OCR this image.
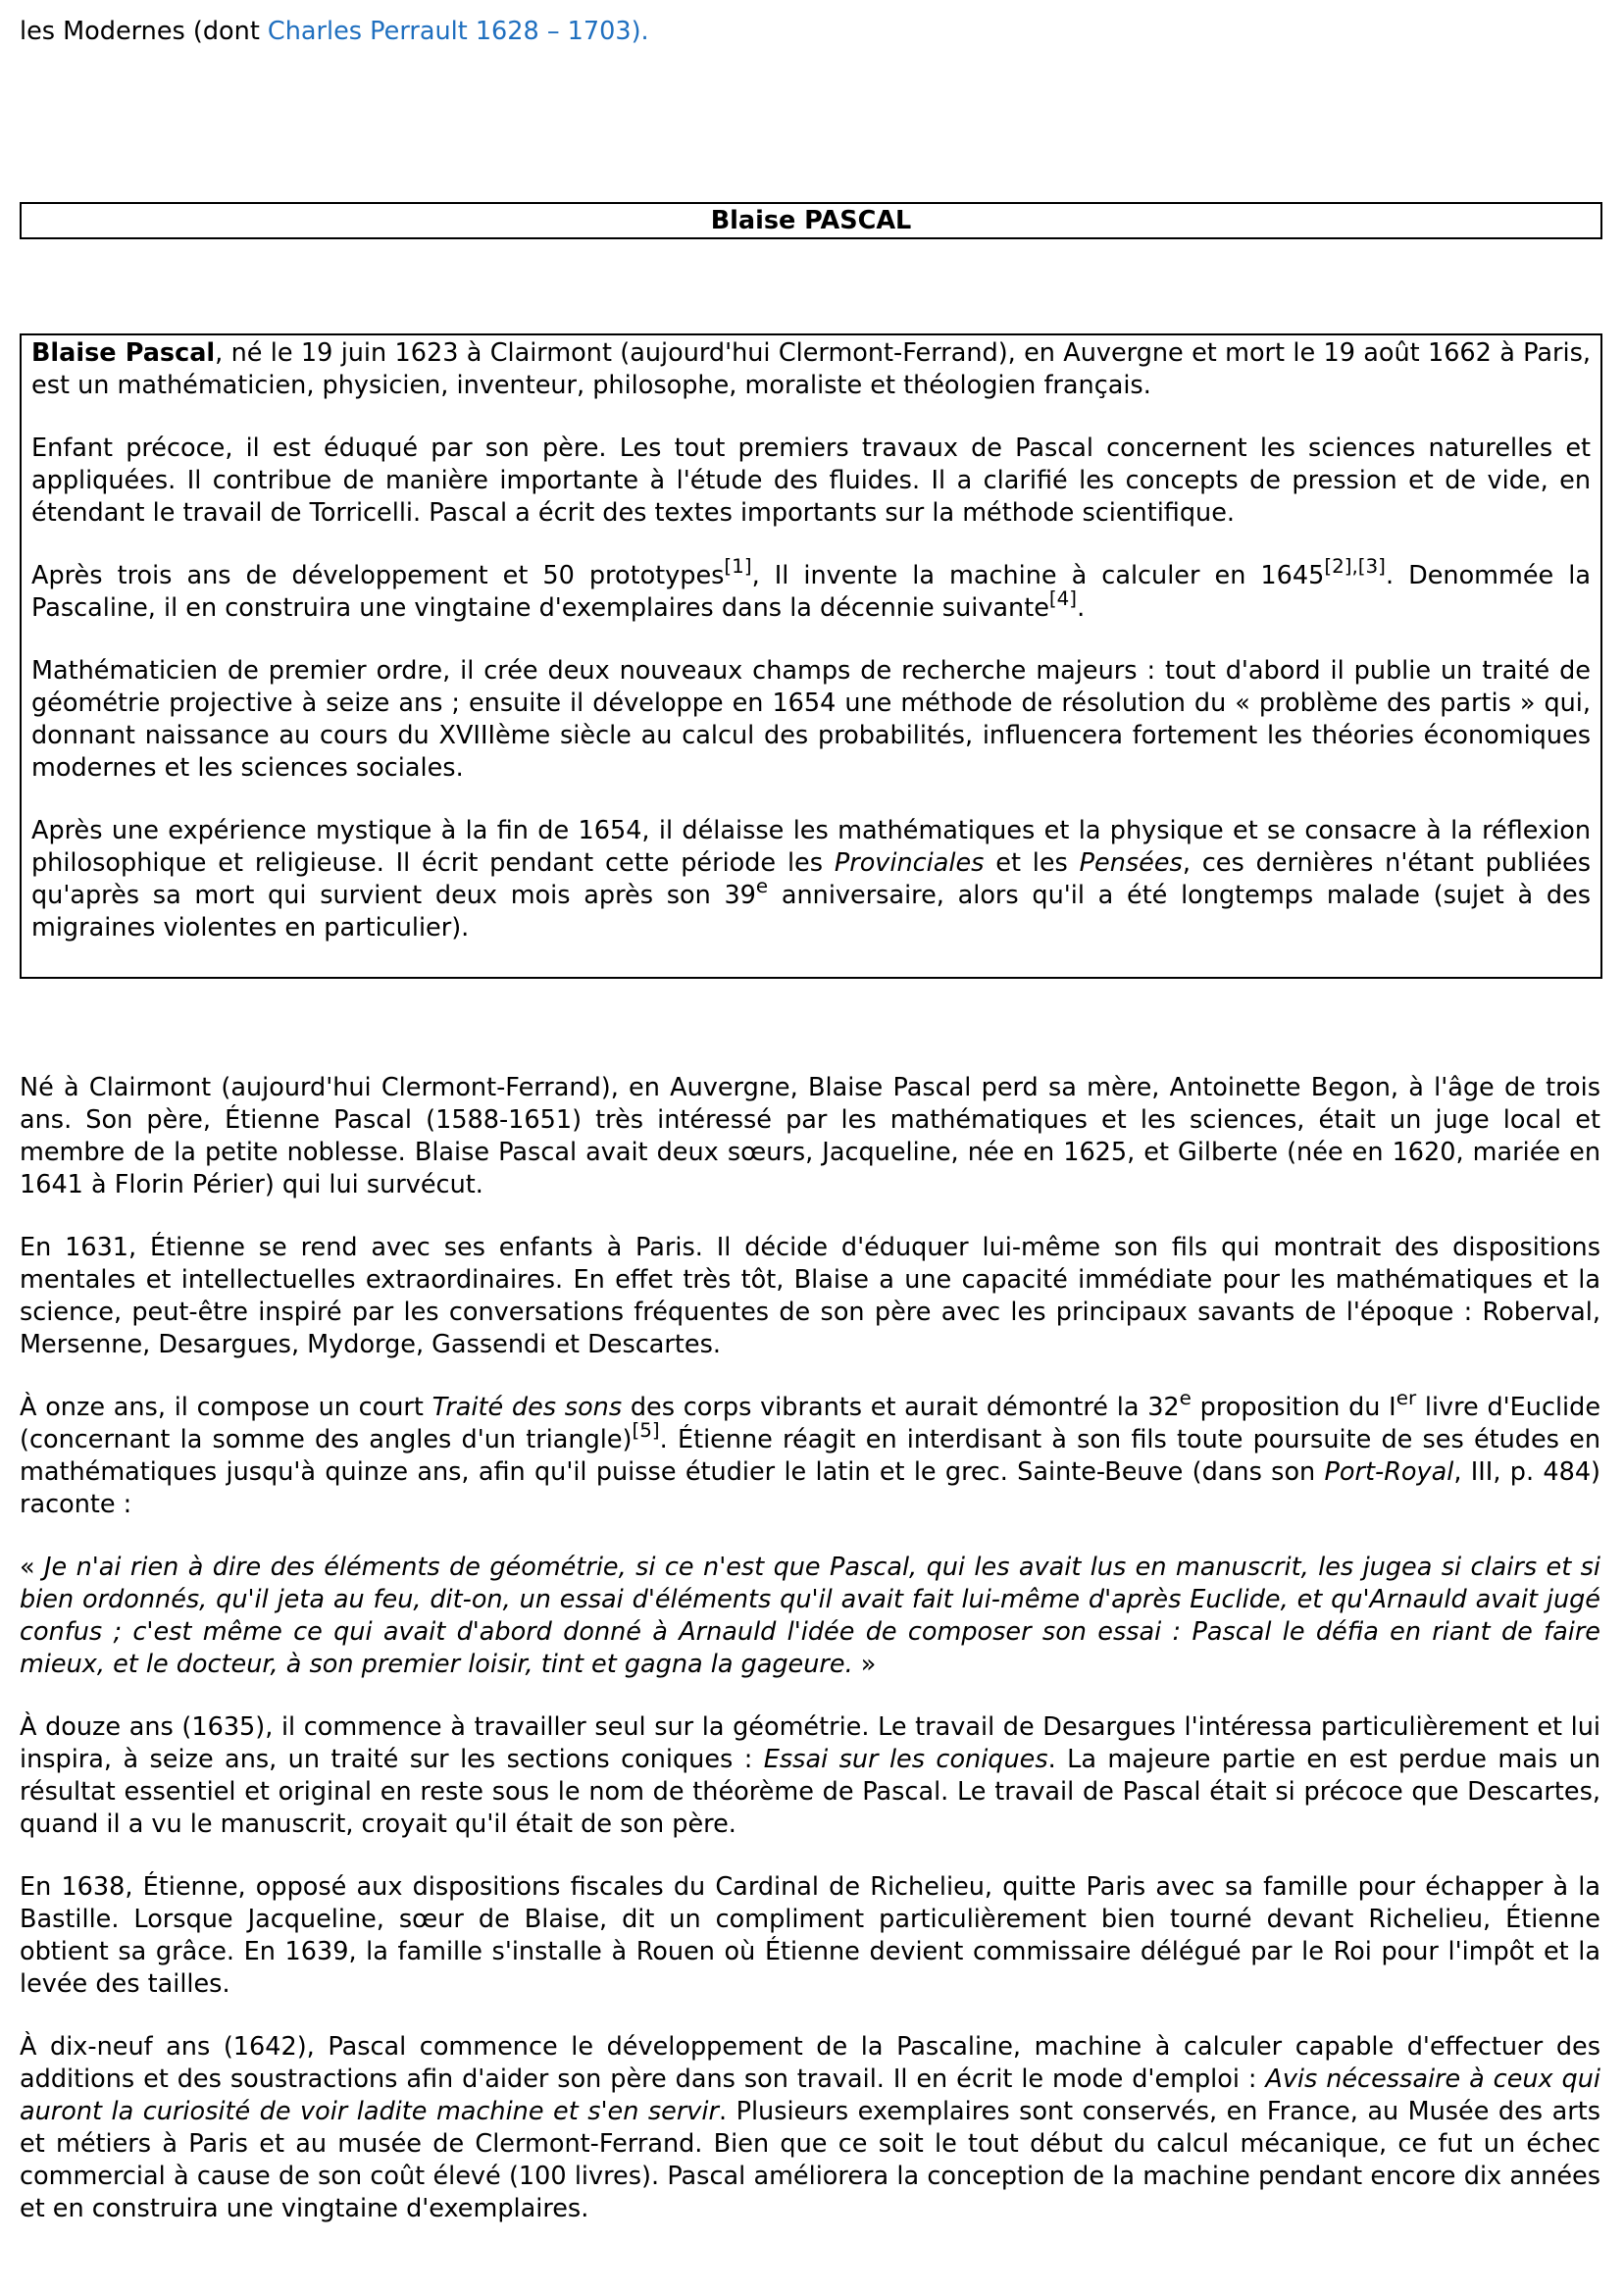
les Modernes (dont Charles Perrault 1628 – 1703).

Blaise PASCAL

Blaise Pascal, né le 19 juin 1623 à Clairmont (aujourd'hui Clermont-Ferrand), en Auvergne et mort le 19 août 1662 à Paris, est un mathématicien, physicien, inventeur, philosophe, moraliste et théologien français.

Enfant précoce, il est éduqué par son père. Les tout premiers travaux de Pascal concernent les sciences naturelles et appliquées. Il contribue de manière importante à l'étude des fluides. Il a clarifié les concepts de pression et de vide, en étendant le travail de Torricelli. Pascal a écrit des textes importants sur la méthode scientifique.

Après trois ans de développement et 50 prototypes[1], Il invente la machine à calculer en 1645[2],[3]. Denommée la Pascaline, il en construira une vingtaine d'exemplaires dans la décennie suivante[4].

Mathématicien de premier ordre, il crée deux nouveaux champs de recherche majeurs : tout d'abord il publie un traité de géométrie projective à seize ans ; ensuite il développe en 1654 une méthode de résolution du « problème des partis » qui, donnant naissance au cours du XVIIIème siècle au calcul des probabilités, influencera fortement les théories économiques modernes et les sciences sociales.

Après une expérience mystique à la fin de 1654, il délaisse les mathématiques et la physique et se consacre à la réflexion philosophique et religieuse. Il écrit pendant cette période les Provinciales et les Pensées, ces dernières n'étant publiées qu'après sa mort qui survient deux mois après son 39e anniversaire, alors qu'il a été longtemps malade (sujet à des migraines violentes en particulier).

Né à Clairmont (aujourd'hui Clermont-Ferrand), en Auvergne, Blaise Pascal perd sa mère, Antoinette Begon, à l'âge de trois ans. Son père, Étienne Pascal (1588-1651) très intéressé par les mathématiques et les sciences, était un juge local et membre de la petite noblesse. Blaise Pascal avait deux sœurs, Jacqueline, née en 1625, et Gilberte (née en 1620, mariée en 1641 à Florin Périer) qui lui survécut.

En 1631, Étienne se rend avec ses enfants à Paris. Il décide d'éduquer lui-même son fils qui montrait des dispositions mentales et intellectuelles extraordinaires. En effet très tôt, Blaise a une capacité immédiate pour les mathématiques et la science, peut-être inspiré par les conversations fréquentes de son père avec les principaux savants de l'époque : Roberval, Mersenne, Desargues, Mydorge, Gassendi et Descartes.

À onze ans, il compose un court Traité des sons des corps vibrants et aurait démontré la 32e proposition du Ier livre d'Euclide (concernant la somme des angles d'un triangle)[5]. Étienne réagit en interdisant à son fils toute poursuite de ses études en mathématiques jusqu'à quinze ans, afin qu'il puisse étudier le latin et le grec. Sainte-Beuve (dans son Port-Royal, III, p. 484) raconte :

« Je n'ai rien à dire des éléments de géométrie, si ce n'est que Pascal, qui les avait lus en manuscrit, les jugea si clairs et si bien ordonnés, qu'il jeta au feu, dit-on, un essai d'éléments qu'il avait fait lui-même d'après Euclide, et qu'Arnauld avait jugé confus ; c'est même ce qui avait d'abord donné à Arnauld l'idée de composer son essai : Pascal le défia en riant de faire mieux, et le docteur, à son premier loisir, tint et gagna la gageure. »

À douze ans (1635), il commence à travailler seul sur la géométrie. Le travail de Desargues l'intéressa particulièrement et lui inspira, à seize ans, un traité sur les sections coniques : Essai sur les coniques. La majeure partie en est perdue mais un résultat essentiel et original en reste sous le nom de théorème de Pascal. Le travail de Pascal était si précoce que Descartes, quand il a vu le manuscrit, croyait qu'il était de son père.

En 1638, Étienne, opposé aux dispositions fiscales du Cardinal de Richelieu, quitte Paris avec sa famille pour échapper à la Bastille. Lorsque Jacqueline, sœur de Blaise, dit un compliment particulièrement bien tourné devant Richelieu, Étienne obtient sa grâce. En 1639, la famille s'installe à Rouen où Étienne devient commissaire délégué par le Roi pour l'impôt et la levée des tailles.

À dix-neuf ans (1642), Pascal commence le développement de la Pascaline, machine à calculer capable d'effectuer des additions et des soustractions afin d'aider son père dans son travail. Il en écrit le mode d'emploi : Avis nécessaire à ceux qui auront la curiosité de voir ladite machine et s'en servir. Plusieurs exemplaires sont conservés, en France, au Musée des arts et métiers à Paris et au musée de Clermont-Ferrand. Bien que ce soit le tout début du calcul mécanique, ce fut un échec commercial à cause de son coût élevé (100 livres). Pascal améliorera la conception de la machine pendant encore dix années et en construira une vingtaine d'exemplaires.
